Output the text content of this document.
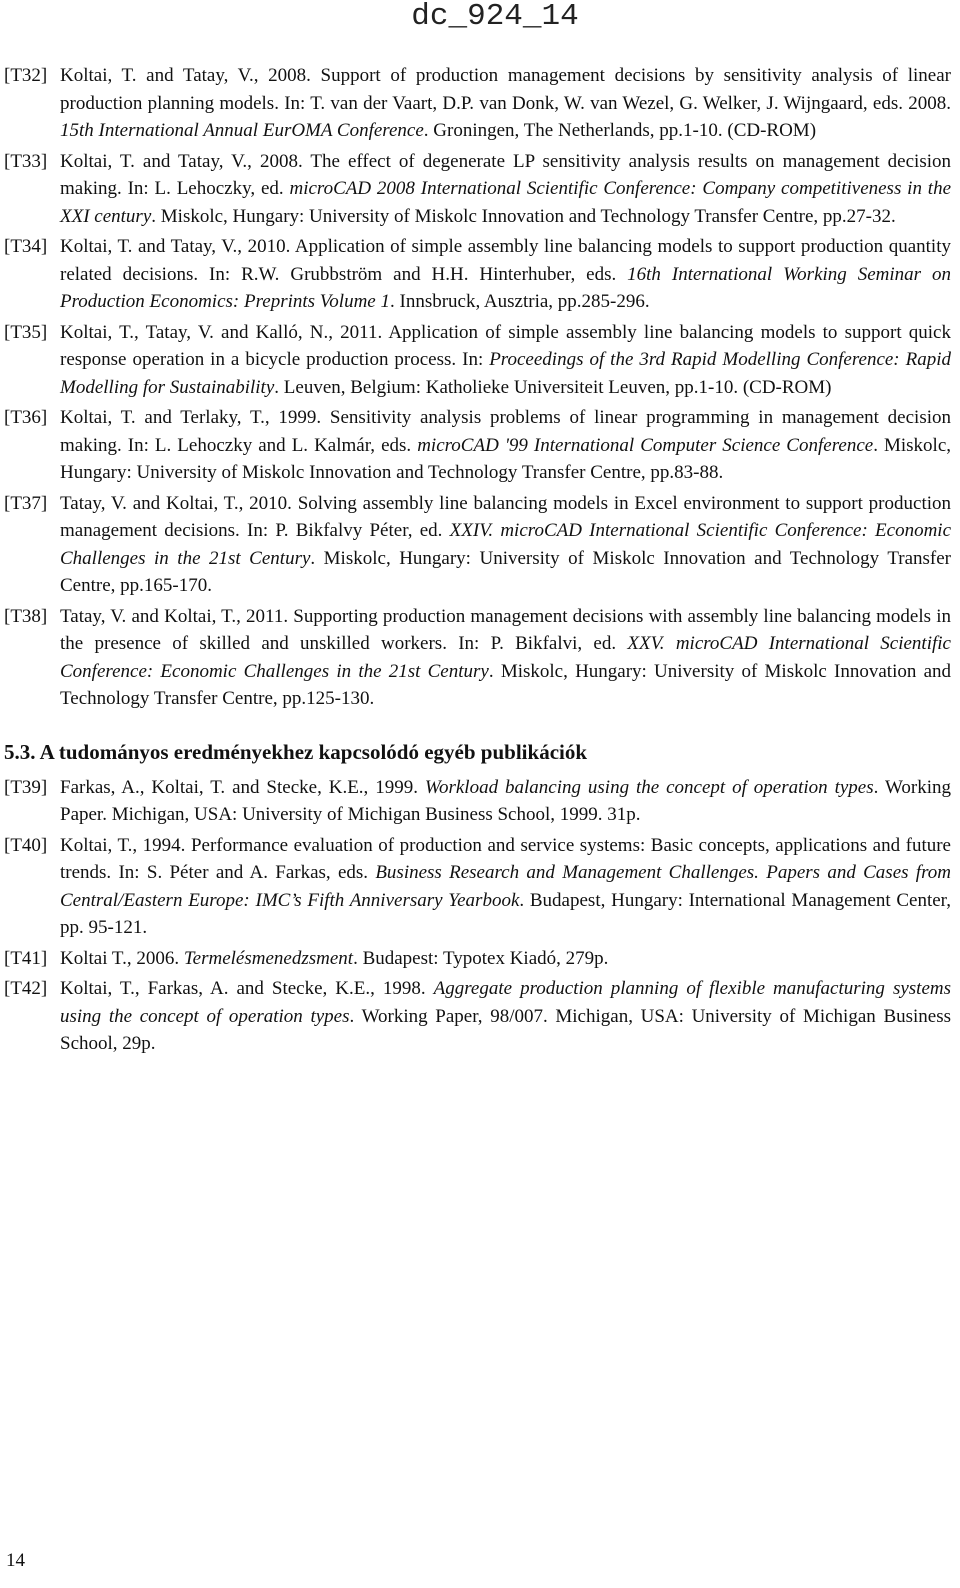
dc_924_14
[T32] Koltai, T. and Tatay, V., 2008. Support of production management decisions by sensitivity analysis of linear production planning models. In: T. van der Vaart, D.P. van Donk, W. van Wezel, G. Welker, J. Wijngaard, eds. 2008. 15th International Annual EurOMA Conference. Groningen, The Netherlands, pp.1-10. (CD-ROM)
[T33] Koltai, T. and Tatay, V., 2008. The effect of degenerate LP sensitivity analysis results on management decision making. In: L. Lehoczky, ed. microCAD 2008 International Scientific Conference: Company competitiveness in the XXI century. Miskolc, Hungary: University of Miskolc Innovation and Technology Transfer Centre, pp.27-32.
[T34] Koltai, T. and Tatay, V., 2010. Application of simple assembly line balancing models to support production quantity related decisions. In: R.W. Grubbström and H.H. Hinterhuber, eds. 16th International Working Seminar on Production Economics: Preprints Volume 1. Innsbruck, Ausztria, pp.285-296.
[T35] Koltai, T., Tatay, V. and Kalló, N., 2011. Application of simple assembly line balancing models to support quick response operation in a bicycle production process. In: Proceedings of the 3rd Rapid Modelling Conference: Rapid Modelling for Sustainability. Leuven, Belgium: Katholieke Universiteit Leuven, pp.1-10. (CD-ROM)
[T36] Koltai, T. and Terlaky, T., 1999. Sensitivity analysis problems of linear programming in management decision making. In: L. Lehoczky and L. Kalmár, eds. microCAD '99 International Computer Science Conference. Miskolc, Hungary: University of Miskolc Innovation and Technology Transfer Centre, pp.83-88.
[T37] Tatay, V. and Koltai, T., 2010. Solving assembly line balancing models in Excel environment to support production management decisions. In: P. Bikfalvy Péter, ed. XXIV. microCAD International Scientific Conference: Economic Challenges in the 21st Century. Miskolc, Hungary: University of Miskolc Innovation and Technology Transfer Centre, pp.165-170.
[T38] Tatay, V. and Koltai, T., 2011. Supporting production management decisions with assembly line balancing models in the presence of skilled and unskilled workers. In: P. Bikfalvi, ed. XXV. microCAD International Scientific Conference: Economic Challenges in the 21st Century. Miskolc, Hungary: University of Miskolc Innovation and Technology Transfer Centre, pp.125-130.
5.3. A tudományos eredményekhez kapcsolódó egyéb publikációk
[T39] Farkas, A., Koltai, T. and Stecke, K.E., 1999. Workload balancing using the concept of operation types. Working Paper. Michigan, USA: University of Michigan Business School, 1999. 31p.
[T40] Koltai, T., 1994. Performance evaluation of production and service systems: Basic concepts, applications and future trends. In: S. Péter and A. Farkas, eds. Business Research and Management Challenges. Papers and Cases from Central/Eastern Europe: IMC’s Fifth Anniversary Yearbook. Budapest, Hungary: International Management Center, pp. 95-121.
[T41] Koltai T., 2006. Termelésmenedzsment. Budapest: Typotex Kiadó, 279p.
[T42] Koltai, T., Farkas, A. and Stecke, K.E., 1998. Aggregate production planning of flexible manufacturing systems using the concept of operation types. Working Paper, 98/007. Michigan, USA: University of Michigan Business School, 29p.
14
